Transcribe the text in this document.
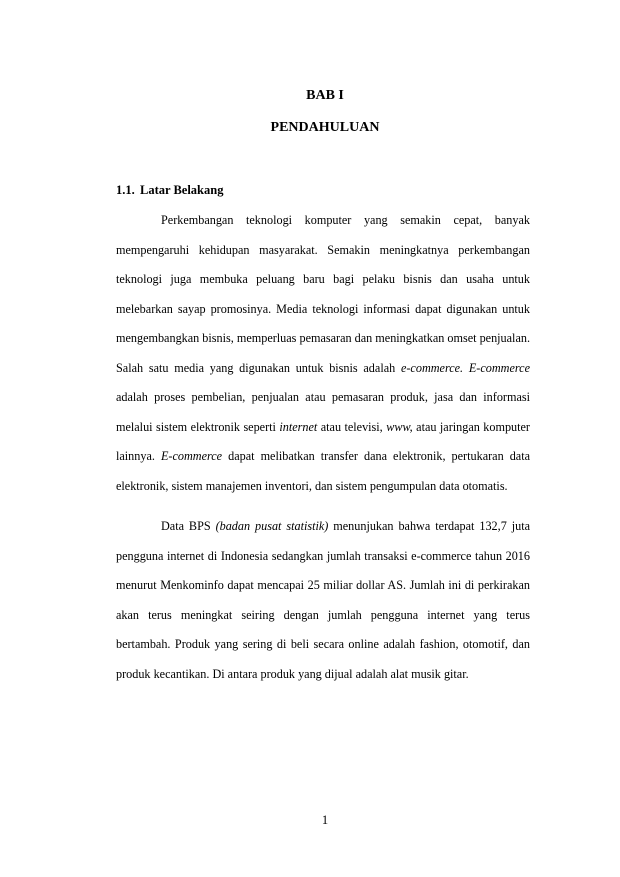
BAB I
PENDAHULUAN
1.1. Latar Belakang

Perkembangan teknologi komputer yang semakin cepat, banyak mempengaruhi kehidupan masyarakat. Semakin meningkatnya perkembangan teknologi juga membuka peluang baru bagi pelaku bisnis dan usaha untuk melebarkan sayap promosinya. Media teknologi informasi dapat digunakan untuk mengembangkan bisnis, memperluas pemasaran dan meningkatkan omset penjualan. Salah satu media yang digunakan untuk bisnis adalah e-commerce. E-commerce adalah proses pembelian, penjualan atau pemasaran produk, jasa dan informasi melalui sistem elektronik seperti internet atau televisi, www, atau jaringan komputer lainnya. E-commerce dapat melibatkan transfer dana elektronik, pertukaran data elektronik, sistem manajemen inventori, dan sistem pengumpulan data otomatis.

Data BPS (badan pusat statistik) menunjukan bahwa terdapat 132,7 juta pengguna internet di Indonesia sedangkan jumlah transaksi e-commerce tahun 2016 menurut Menkominfo dapat mencapai 25 miliar dollar AS. Jumlah ini di perkirakan akan terus meningkat seiring dengan jumlah pengguna internet yang terus bertambah. Produk yang sering di beli secara online adalah fashion, otomotif, dan produk kecantikan. Di antara produk yang dijual adalah alat musik gitar.

1
